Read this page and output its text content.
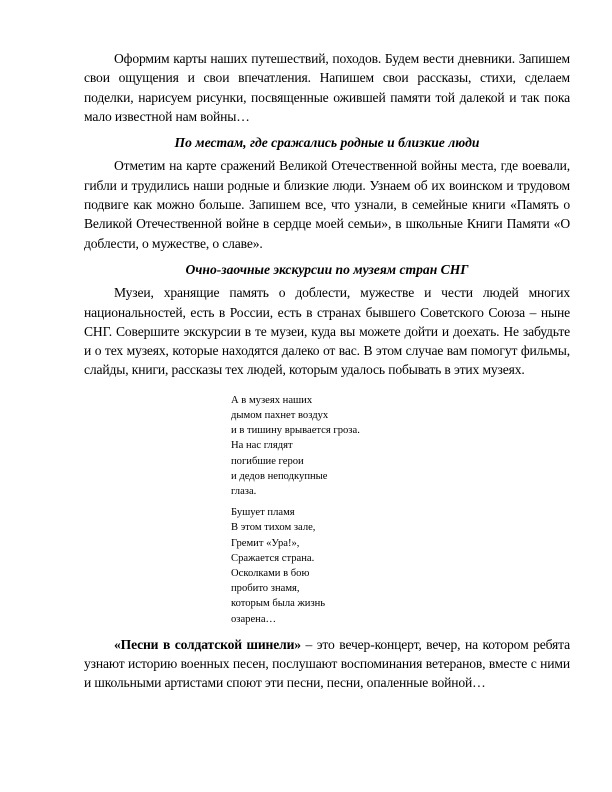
Оформим карты наших путешествий, походов. Будем вести дневники. Запишем свои ощущения и свои впечатления. Напишем свои рассказы, стихи, сделаем поделки, нарисуем рисунки, посвященные ожившей памяти той далекой и так пока мало известной нам войны…

По местам, где сражались родные и близкие люди

Отметим на карте сражений Великой Отечественной войны места, где воевали, гибли и трудились наши родные и близкие люди. Узнаем об их воинском и трудовом подвиге как можно больше. Запишем все, что узнали, в семейные книги «Память о Великой Отечественной войне в сердце моей семьи», в школьные Книги Памяти «О доблести, о мужестве, о славе».

Очно-заочные экскурсии по музеям стран СНГ

Музеи, хранящие память о доблести, мужестве и чести людей многих национальностей, есть в России, есть в странах бывшего Советского Союза – ныне СНГ. Совершите экскурсии в те музеи, куда вы можете дойти и доехать. Не забудьте и о тех музеях, которые находятся далеко от вас. В этом случае вам помогут фильмы, слайды, книги, рассказы тех людей, которым удалось побывать в этих музеях.

А в музеях наших
дымом пахнет воздух
и в тишину врывается гроза.
На нас глядят
погибшие герои
и дедов неподкупные
глаза.
Бушует пламя
В этом тихом зале,
Гремит «Ура!»,
Сражается страна.
Осколками в бою
пробито знамя,
которым была жизнь
озарена…

«Песни в солдатской шинели» – это вечер-концерт, вечер, на котором ребята узнают историю военных песен, послушают воспоминания ветеранов, вместе с ними и школьными артистами споют эти песни, песни, опаленные войной…
